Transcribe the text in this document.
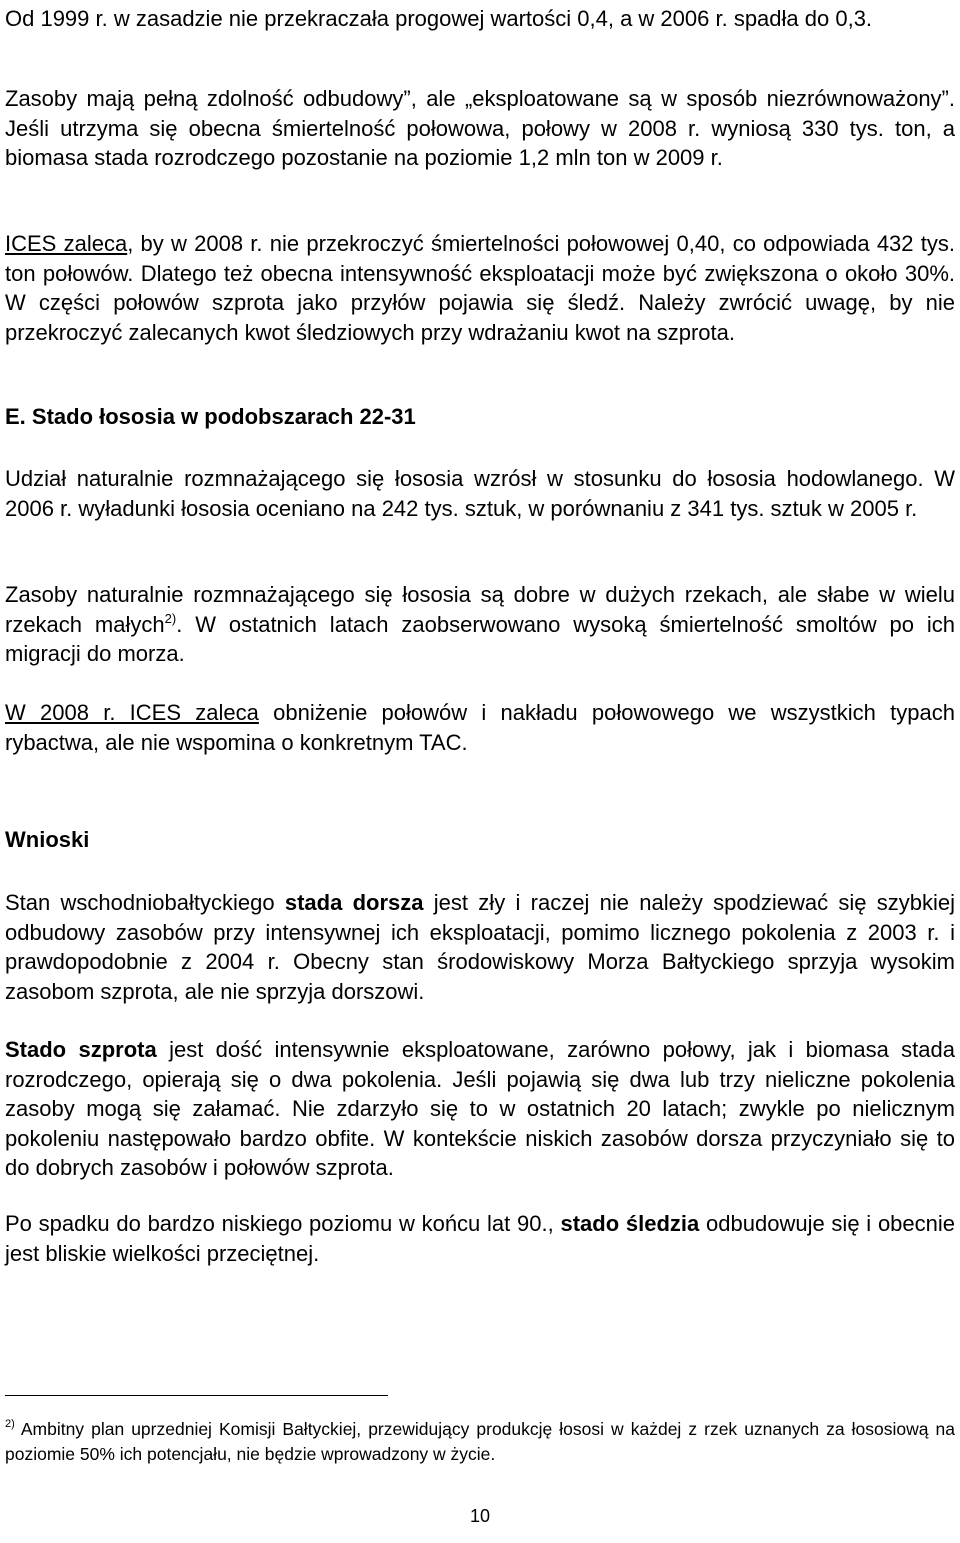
Od 1999 r. w zasadzie nie przekraczała progowej wartości 0,4, a w 2006 r. spadła do 0,3.

Zasoby mają pełną zdolność odbudowy”, ale „eksploatowane są w sposób niezrównoważony”. Jeśli utrzyma się obecna śmiertelność połowowa, połowy w 2008 r. wyniosą 330 tys. ton, a biomasa stada rozrodczego pozostanie na poziomie 1,2 mln ton w 2009 r.

ICES zaleca, by w 2008 r. nie przekroczyć śmiertelności połowowej 0,40, co odpowiada 432 tys. ton połowów. Dlatego też obecna intensywność eksploatacji może być zwiększona o około 30%. W części połowów szprota jako przyłów pojawia się śledź. Należy zwrócić uwagę, by nie przekroczyć zalecanych kwot śledziowych przy wdrażaniu kwot na szprota.

E. Stado łososia w podobszarach 22-31

Udział naturalnie rozmnażającego się łososia wzrósł w stosunku do łososia hodowlanego. W 2006 r. wyładunki łososia oceniano na 242 tys. sztuk, w porównaniu z 341 tys. sztuk w 2005 r.

Zasoby naturalnie rozmnażającego się łososia są dobre w dużych rzekach, ale słabe w wielu rzekach małych$^{2)}$. W ostatnich latach zaobserwowano wysoką śmiertelność smoltów po ich migracji do morza.

W 2008 r. ICES zaleca obniżenie połowów i nakładu połowowego we wszystkich typach rybactwa, ale nie wspomina o konkretnym TAC.

Wnioski

Stan wschodniobałtyckiego stada dorsza jest zły i raczej nie należy spodziewać się szybkiej odbudowy zasobów przy intensywnej ich eksploatacji, pomimo licznego pokolenia z 2003 r. i prawdopodobnie z 2004 r. Obecny stan środowiskowy Morza Bałtyckiego sprzyja wysokim zasobom szprota, ale nie sprzyja dorszowi.

Stado szprota jest dość intensywnie eksploatowane, zarówno połowy, jak i biomasa stada rozrodczego, opierają się o dwa pokolenia. Jeśli pojawią się dwa lub trzy nieliczne pokolenia zasoby mogą się załamać. Nie zdarzyło się to w ostatnich 20 latach; zwykle po nielicznym pokoleniu następowało bardzo obfite. W kontekście niskich zasobów dorsza przyczyniało się to do dobrych zasobów i połowów szprota.

Po spadku do bardzo niskiego poziomu w końcu lat 90., stado śledzia odbudowuje się i obecnie jest bliskie wielkości przeciętnej.

$^{2)}$ Ambitny plan uprzedniej Komisji Bałtyckiej, przewidujący produkcję łososi w każdej z rzek uznanych za łososiową na poziomie 50% ich potencjału, nie będzie wprowadzony w życie.

10
